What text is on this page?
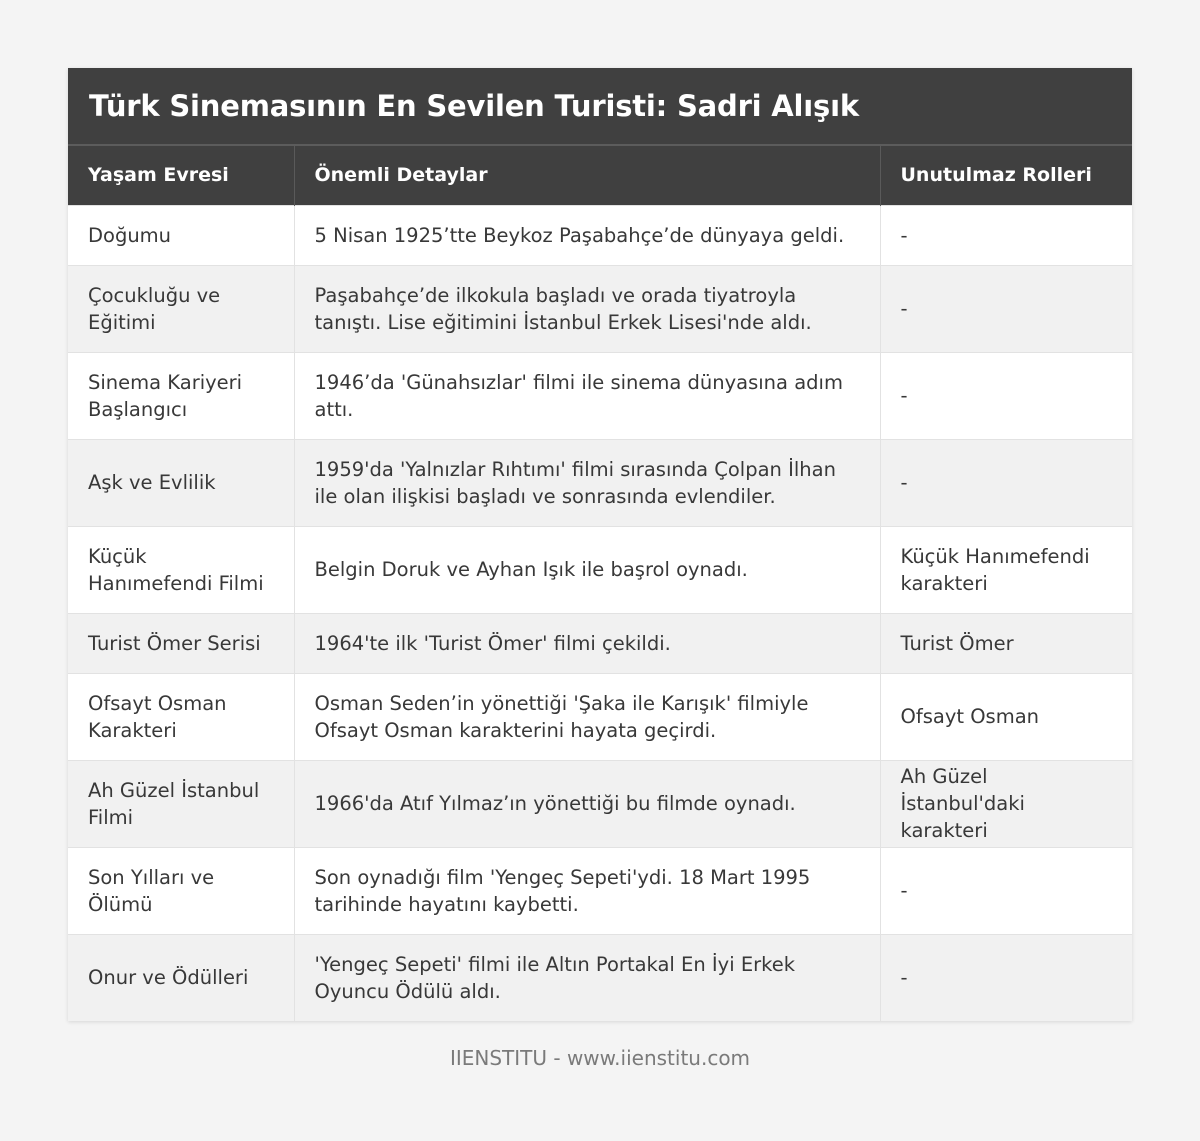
Türk Sinemasının En Sevilen Turisti: Sadri Alışık
Yaşam Evresi	Önemli Detaylar	Unutulmaz Rolleri
Doğumu	5 Nisan 1925’tte Beykoz Paşabahçe’de dünyaya geldi.	-
Çocukluğu ve Eğitimi	Paşabahçe’de ilkokula başladı ve orada tiyatroyla tanıştı. Lise eğitimini İstanbul Erkek Lisesi'nde aldı.	-
Sinema Kariyeri Başlangıcı	1946’da 'Günahsızlar' filmi ile sinema dünyasına adım attı.	-
Aşk ve Evlilik	1959'da 'Yalnızlar Rıhtımı' filmi sırasında Çolpan İlhan ile olan ilişkisi başladı ve sonrasında evlendiler.	-
Küçük Hanımefendi Filmi	Belgin Doruk ve Ayhan Işık ile başrol oynadı.	Küçük Hanımefendi karakteri
Turist Ömer Serisi	1964'te ilk 'Turist Ömer' filmi çekildi.	Turist Ömer
Ofsayt Osman Karakteri	Osman Seden’in yönettiği 'Şaka ile Karışık' filmiyle Ofsayt Osman karakterini hayata geçirdi.	Ofsayt Osman
Ah Güzel İstanbul Filmi	1966'da Atıf Yılmaz’ın yönettiği bu filmde oynadı.	Ah Güzel İstanbul'daki karakteri
Son Yılları ve Ölümü	Son oynadığı film 'Yengeç Sepeti'ydi. 18 Mart 1995 tarihinde hayatını kaybetti.	-
Onur ve Ödülleri	'Yengeç Sepeti' filmi ile Altın Portakal En İyi Erkek Oyuncu Ödülü aldı.	-
IIENSTITU - www.iienstitu.com
